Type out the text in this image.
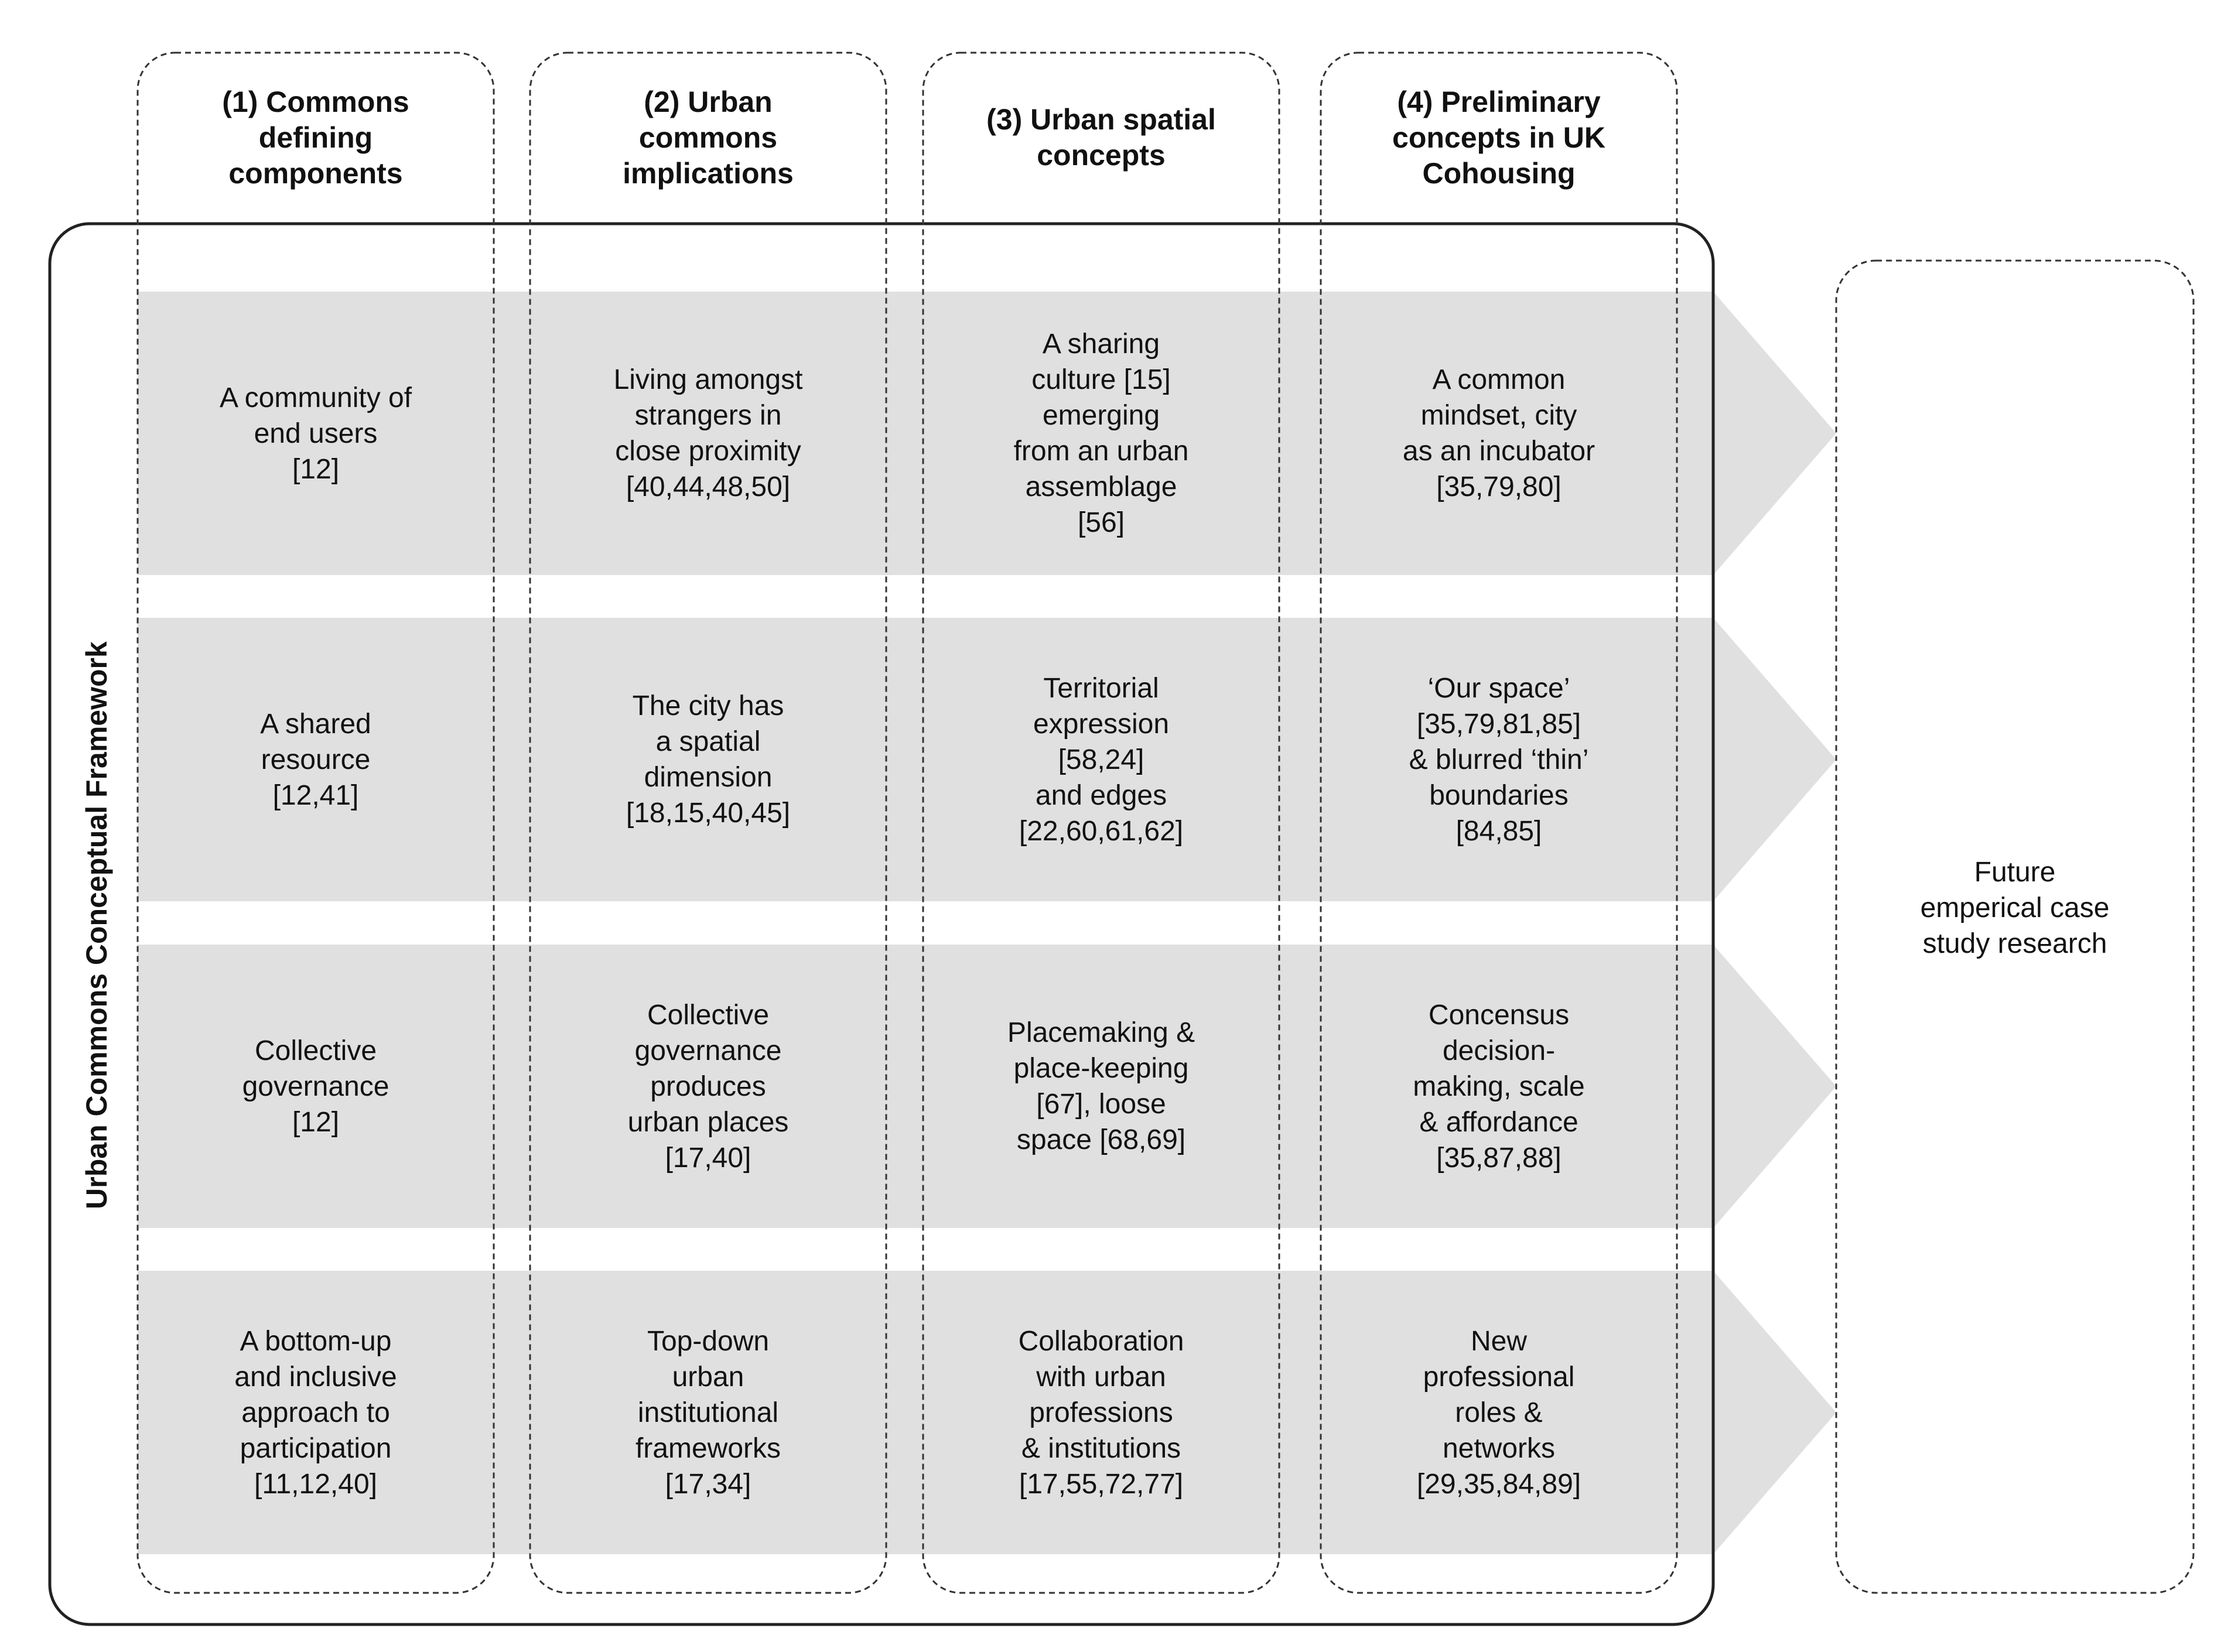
(1) Commons
defining
components
(2) Urban
commons
implications
(3) Urban spatial
concepts
(4) Preliminary
concepts in UK
Cohousing
A community of
end users
[12]
Living amongst
strangers in
close proximity
[40,44,48,50]
A sharing
culture [15]
emerging
from an urban
assemblage
[56]
A common
mindset, city
as an incubator
[35,79,80]
A shared
resource
[12,41]
The city has
a spatial
dimension
[18,15,40,45]
Territorial
expression
[58,24]
and edges
[22,60,61,62]
‘Our space’
[35,79,81,85]
& blurred ‘thin’
boundaries
[84,85]
Collective
governance
[12]
Collective
governance
produces
urban places
[17,40]
Placemaking &
place-keeping
[67], loose
space [68,69]
Concensus
decision-
making, scale
& affordance
[35,87,88]
A bottom-up
and inclusive
approach to
participation
[11,12,40]
Top-down
urban
institutional
frameworks
[17,34]
Collaboration
with urban
professions
& institutions
[17,55,72,77]
New
professional
roles &
networks
[29,35,84,89]
Urban Commons Conceptual Framework	Future
emperical case
study research
